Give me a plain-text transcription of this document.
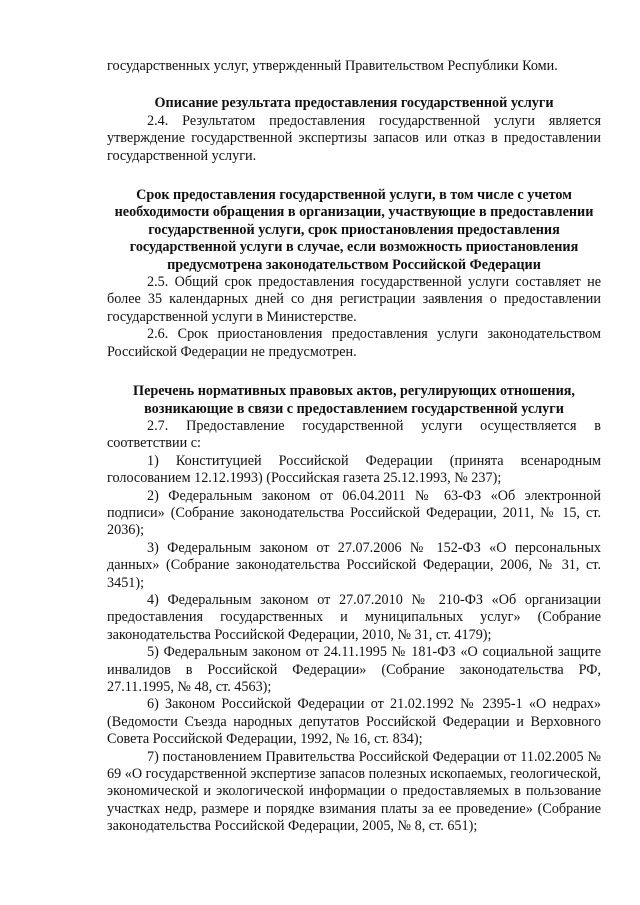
государственных услуг, утвержденный Правительством Республики Коми.

Описание результата предоставления государственной услуги

2.4. Результатом предоставления государственной услуги является утверждение государственной экспертизы запасов или отказ в предоставлении государственной услуги.

Срок предоставления государственной услуги, в том числе с учетом необходимости обращения в организации, участвующие в предоставлении государственной услуги, срок приостановления предоставления государственной услуги в случае, если возможность приостановления предусмотрена законодательством Российской Федерации

2.5. Общий срок предоставления государственной услуги составляет не более 35 календарных дней со дня регистрации заявления о предоставлении государственной услуги в Министерстве.

2.6. Срок приостановления предоставления услуги законодательством Российской Федерации не предусмотрен.

Перечень нормативных правовых актов, регулирующих отношения, возникающие в связи с предоставлением государственной услуги

2.7. Предоставление государственной услуги осуществляется в соответствии с:

1) Конституцией Российской Федерации (принята всенародным голосованием 12.12.1993) (Российская газета 25.12.1993, № 237);

2) Федеральным законом от 06.04.2011 № 63-ФЗ «Об электронной подписи» (Собрание законодательства Российской Федерации, 2011, № 15, ст. 2036);

3) Федеральным законом от 27.07.2006 № 152-ФЗ «О персональных данных» (Собрание законодательства Российской Федерации, 2006, № 31, ст. 3451);

4) Федеральным законом от 27.07.2010 № 210-ФЗ «Об организации предоставления государственных и муниципальных услуг» (Собрание законодательства Российской Федерации, 2010, № 31, ст. 4179);

5) Федеральным законом от 24.11.1995 № 181-ФЗ «О социальной защите инвалидов в Российской Федерации» (Собрание законодательства РФ, 27.11.1995, № 48, ст. 4563);

6) Законом Российской Федерации от 21.02.1992 № 2395-1 «О недрах» (Ведомости Съезда народных депутатов Российской Федерации и Верховного Совета Российской Федерации, 1992, № 16, ст. 834);

7) постановлением Правительства Российской Федерации от 11.02.2005 № 69 «О государственной экспертизе запасов полезных ископаемых, геологической, экономической и экологической информации о предоставляемых в пользование участках недр, размере и порядке взимания платы за ее проведение» (Собрание законодательства Российской Федерации, 2005, № 8, ст. 651);
